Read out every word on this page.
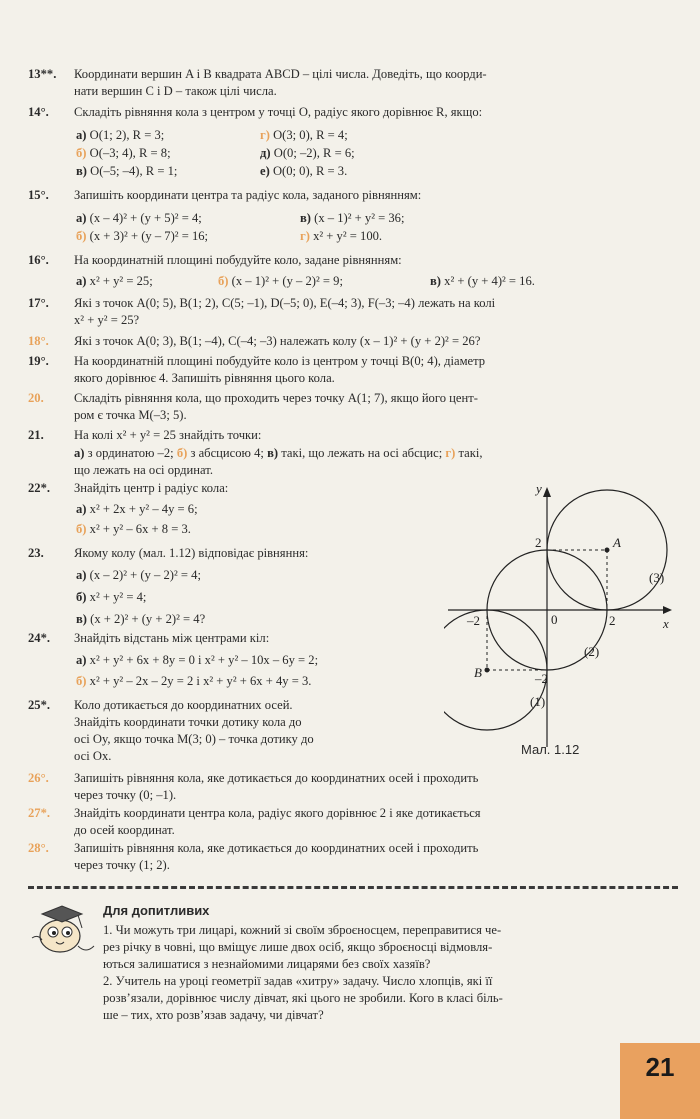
13**. Координати вершин A і B квадрата ABCD – цілі числа. Доведіть, що коорди-
нати вершин C і D – також цілі числа.
14°. Складіть рівняння кола з центром у точці O, радіус якого дорівнює R, якщо:
а) O(1; 2), R = 3;	г) O(3; 0), R = 4;
б) O(–3; 4), R = 8;	д) O(0; –2), R = 6;
в) O(–5; –4), R = 1;	е) O(0; 0), R = 3.
15°. Запишіть координати центра та радіус кола, заданого рівнянням:
а) (x – 4)² + (y + 5)² = 4;	в) (x – 1)² + y² = 36;
б) (x + 3)² + (y – 7)² = 16;	г) x² + y² = 100.
16°. На координатній площині побудуйте коло, задане рівнянням:
а) x² + y² = 25;	б) (x – 1)² + (y – 2)² = 9;	в) x² + (y + 4)² = 16.
17°. Які з точок A(0; 5), B(1; 2), C(5; –1), D(–5; 0), E(–4; 3), F(–3; –4) лежать на колі
x² + y² = 25?
18°. Які з точок A(0; 3), B(1; –4), C(–4; –3) належать колу (x – 1)² + (y + 2)² = 26?
19°. На координатній площині побудуйте коло із центром у точці B(0; 4), діаметр
якого дорівнює 4. Запишіть рівняння цього кола.
20. Складіть рівняння кола, що проходить через точку A(1; 7), якщо його цент-
ром є точка M(–3; 5).
21. На колі x² + y² = 25 знайдіть точки:
а) з ординатою –2; б) з абсцисою 4; в) такі, що лежать на осі абсцис; г) такі,
що лежать на осі ординат.
22*. Знайдіть центр і радіус кола:
а) x² + 2x + y² – 4y = 6;
б) x² + y² – 6x + 8 = 3.
23. Якому колу (мал. 1.12) відповідає рівняння:
а) (x – 2)² + (y – 2)² = 4;
б) x² + y² = 4;
в) (x + 2)² + (y + 2)² = 4?
24*. Знайдіть відстань між центрами кіл:
а) x² + y² + 6x + 8y = 0 і x² + y² – 10x – 6y = 2;
б) x² + y² – 2x – 2y = 2 і x² + y² + 6x + 4y = 3.
25*. Коло дотикається до координатних осей.
Знайдіть координати точки дотику кола до
осі Oy, якщо точка M(3; 0) – точка дотику до
осі Ox.
26°. Запишіть рівняння кола, яке дотикається до координатних осей і проходить
через точку (0; –1).
27*. Знайдіть координати центра кола, радіус якого дорівнює 2 і яке дотикається
до осей координат.
28°. Запишіть рівняння кола, яке дотикається до координатних осей і проходить
через точку (1; 2).
y
x
0
2
–2	2
–2
A
B
(1)
(2)
(3)
Мал. 1.12
Для допитливих
1. Чи можуть три лицарі, кожний зі своїм зброєносцем, переправитися че-
рез річку в човні, що вміщує лише двох осіб, якщо зброєносці відмовля-
ються залишатися з незнайомими лицарями без своїх хазяїв?
2. Учитель на уроці геометрії задав «хитру» задачу. Число хлопців, які її
розв’язали, дорівнює числу дівчат, які цього не зробили. Кого в класі біль-
ше – тих, хто розв’язав задачу, чи дівчат?
21
